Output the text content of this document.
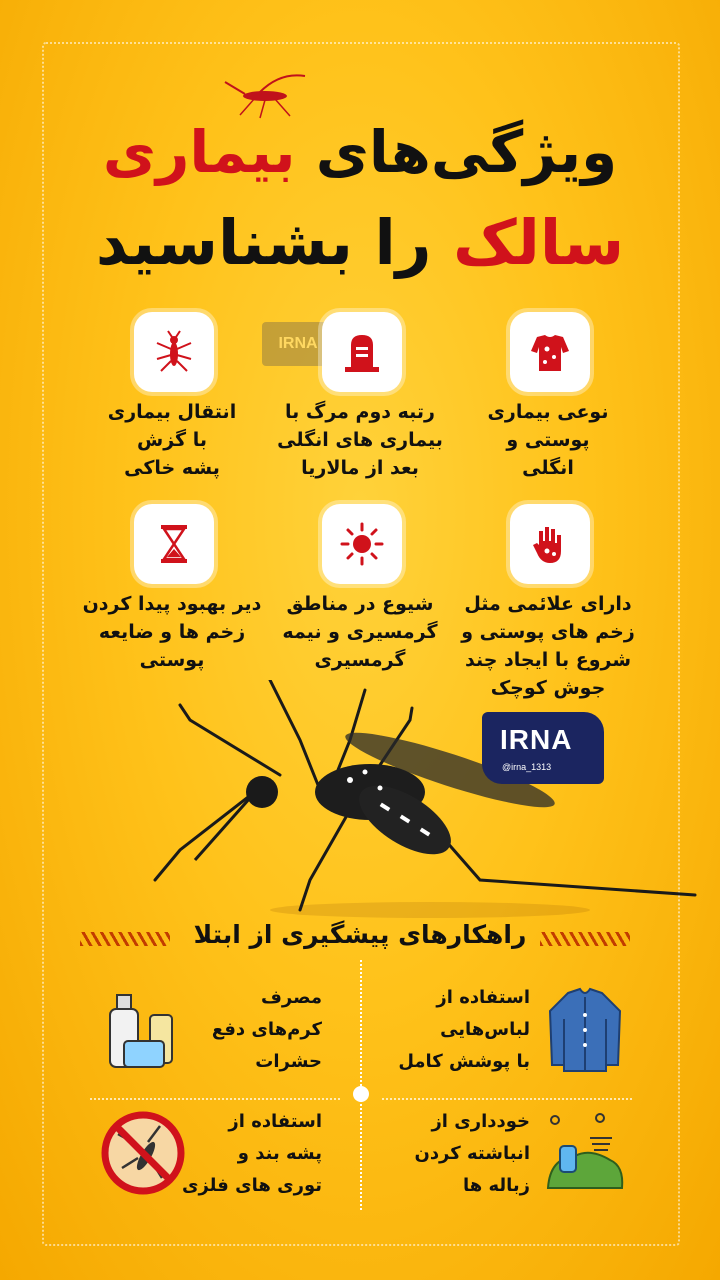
ویژگی‌های بیماری
سالک را بشناسید
IRNA
نوعی بیماری
پوستی و
انگلی
رتبه دوم مرگ با
بیماری های انگلی
بعد از مالاریا
انتقال بیماری
با گزش
پشه خاکی
دارای علائمی مثل
زخم های پوستی و
شروع با ایجاد چند
جوش کوچک
شیوع در مناطق
گرمسیری و نیمه
گرمسیری
دیر بهبود پیدا کردن
زخم ها و ضایعه
پوستی
IRNA
@irna_1313
راهکارهای پیشگیری از ابتلا
استفاده از
لباس‌هایی
با پوشش کامل
مصرف
کرم‌های دفع
حشرات
خودداری از
انباشته کردن
زباله ها
استفاده از
پشه بند و
توری های فلزی
